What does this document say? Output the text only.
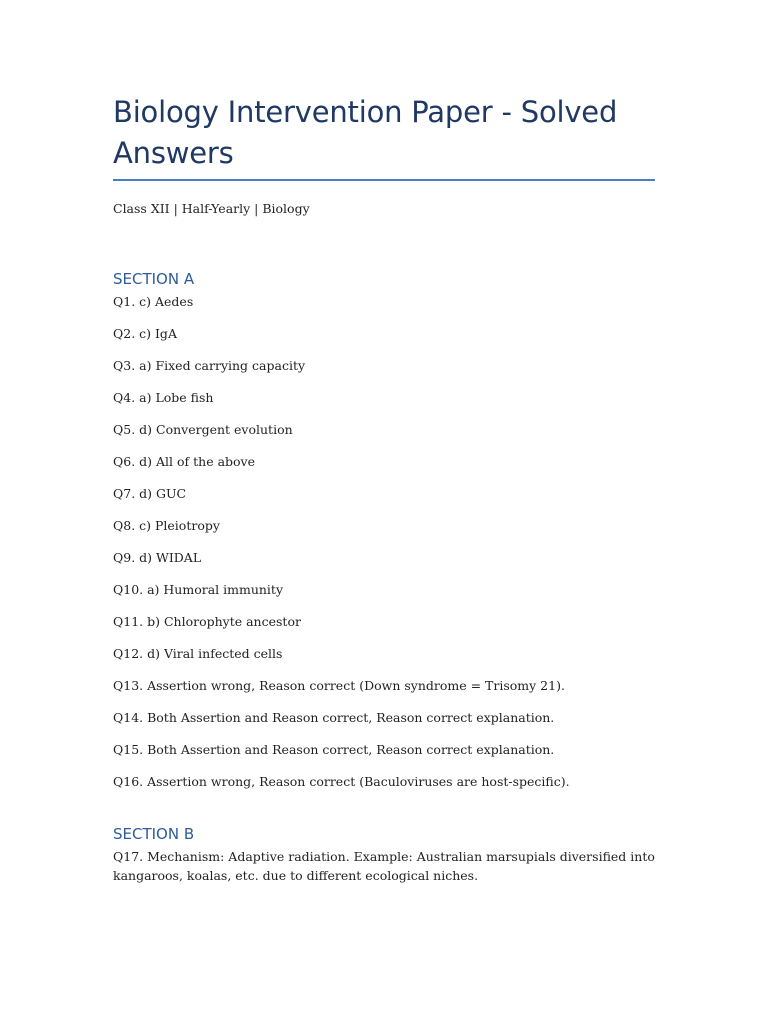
Biology Intervention Paper - Solved Answers
Class XII | Half-Yearly | Biology
SECTION A
Q1. c) Aedes
Q2. c) IgA
Q3. a) Fixed carrying capacity
Q4. a) Lobe fish
Q5. d) Convergent evolution
Q6. d) All of the above
Q7. d) GUC
Q8. c) Pleiotropy
Q9. d) WIDAL
Q10. a) Humoral immunity
Q11. b) Chlorophyte ancestor
Q12. d) Viral infected cells
Q13. Assertion wrong, Reason correct (Down syndrome = Trisomy 21).
Q14. Both Assertion and Reason correct, Reason correct explanation.
Q15. Both Assertion and Reason correct, Reason correct explanation.
Q16. Assertion wrong, Reason correct (Baculoviruses are host-specific).
SECTION B
Q17. Mechanism: Adaptive radiation. Example: Australian marsupials diversified into kangaroos, koalas, etc. due to different ecological niches.
